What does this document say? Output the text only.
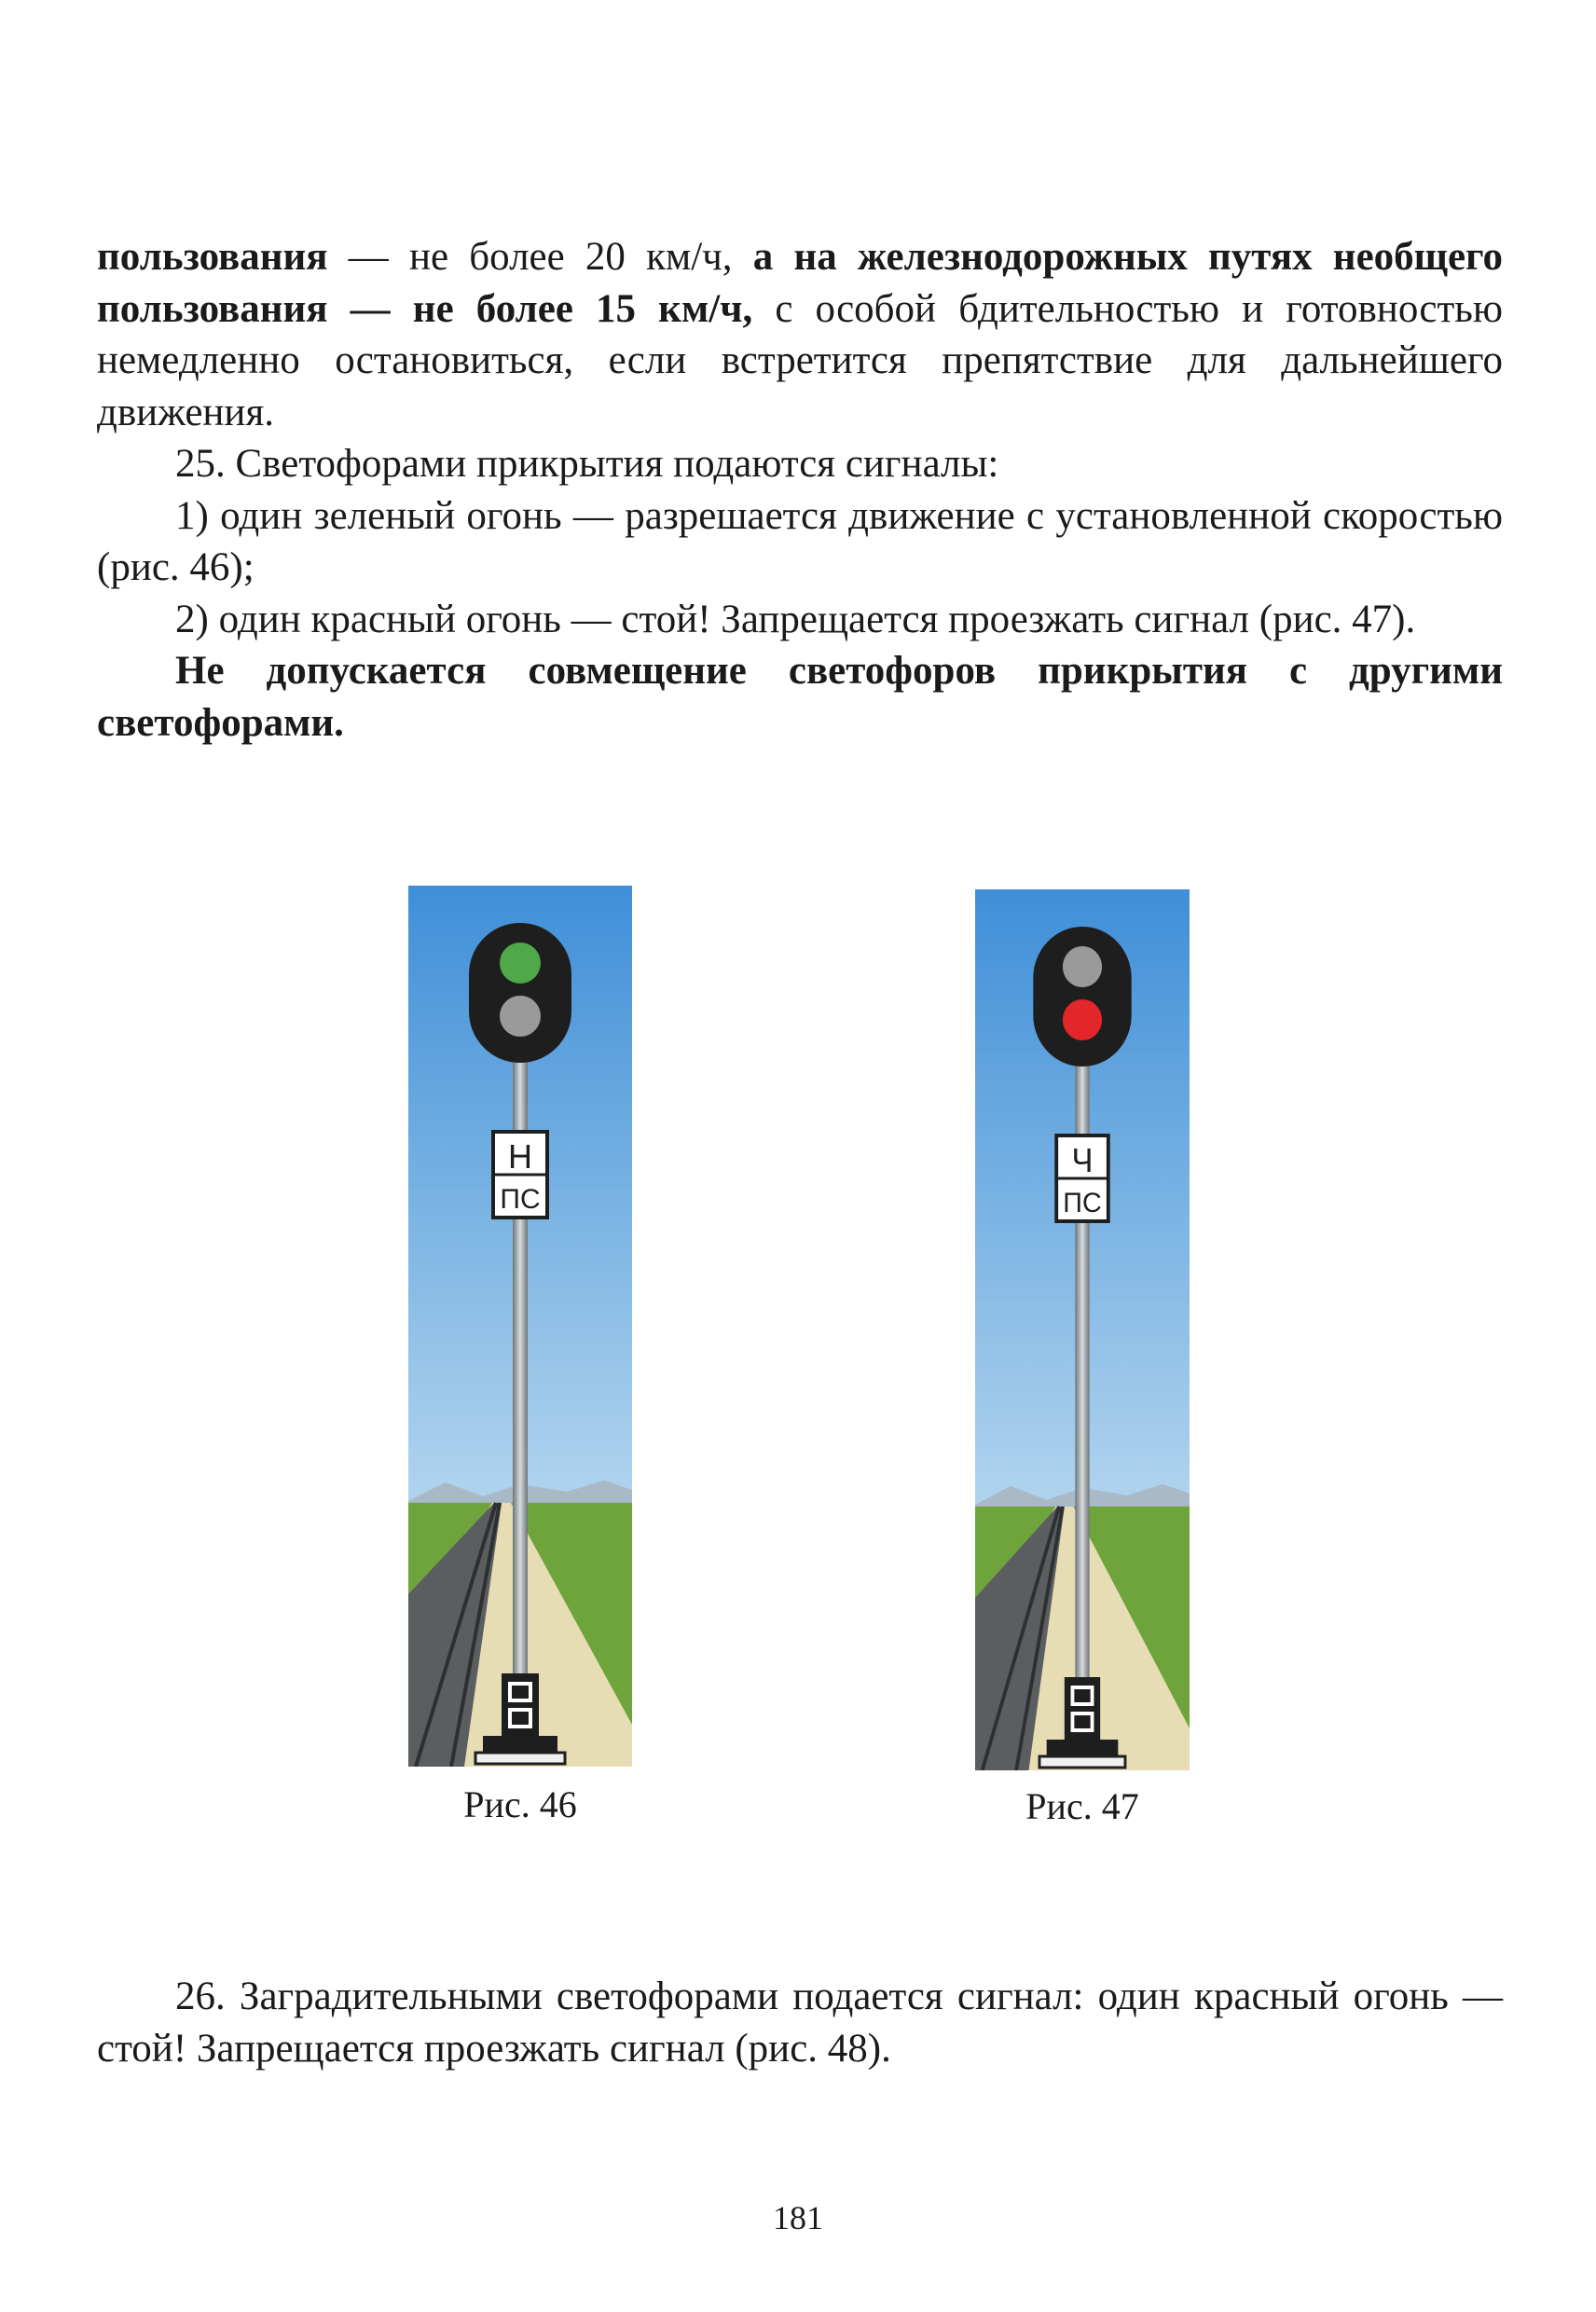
пользования — не более 20 км/ч, а на железнодорожных путях необщего пользования — не более 15 км/ч, с особой бдительностью и готовностью немедленно остановиться, если встретится препятствие для дальнейшего движения.

25. Светофорами прикрытия подаются сигналы:

1) один зеленый огонь — разрешается движение с установленной скоростью (рис. 46);

2) один красный огонь — стой! Запрещается проезжать сигнал (рис. 47).

Не допускается совмещение светофоров прикрытия с другими светофорами.

Н
ПС
Рис. 46
Ч
ПС
Рис. 47

26. Заградительными светофорами подается сигнал: один красный огонь — стой! Запрещается проезжать сигнал (рис. 48).

181
